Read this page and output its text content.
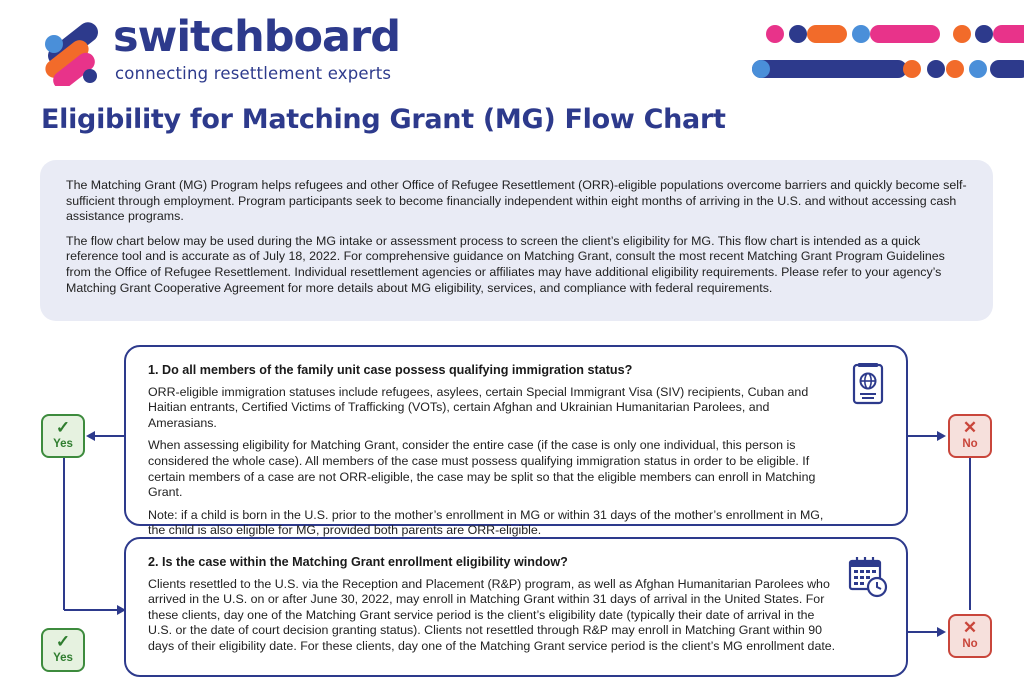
switchboard
connecting resettlement experts
Eligibility for Matching Grant (MG) Flow Chart

The Matching Grant (MG) Program helps refugees and other Office of Refugee Resettlement (ORR)-eligible populations overcome barriers and quickly become self-sufficient through employment. Program participants seek to become financially independent within eight months of arriving in the U.S. and without accessing cash assistance programs.

The flow chart below may be used during the MG intake or assessment process to screen the client’s eligibility for MG. This flow chart is intended as a quick reference tool and is accurate as of July 18, 2022. For comprehensive guidance on Matching Grant, consult the most recent Matching Grant Program Guidelines from the Office of Refugee Resettlement. Individual resettlement agencies or affiliates may have additional eligibility requirements. Please refer to your agency’s Matching Grant Cooperative Agreement for more details about MG eligibility, services, and compliance with federal requirements.

✓
Yes
✕
No
✓
Yes
✕
No
1. Do all members of the family unit case possess qualifying immigration status?

ORR-eligible immigration statuses include refugees, asylees, certain Special Immigrant Visa (SIV) recipients, Cuban and Haitian entrants, Certified Victims of Trafficking (VOTs), certain Afghan and Ukrainian Humanitarian Parolees, and Amerasians.

When assessing eligibility for Matching Grant, consider the entire case (if the case is only one individual, this person is considered the whole case). All members of the case must possess qualifying immigration status in order to be eligible. If certain members of a case are not ORR-eligible, the case may be split so that the eligible members can enroll in Matching Grant.

Note: if a child is born in the U.S. prior to the mother’s enrollment in MG or within 31 days of the mother’s enrollment in MG, the child is also eligible for MG, provided both parents are ORR-eligible.

2. Is the case within the Matching Grant enrollment eligibility window?

Clients resettled to the U.S. via the Reception and Placement (R&P) program, as well as Afghan Humanitarian Parolees who arrived in the U.S. on or after June 30, 2022, may enroll in Matching Grant within 31 days of arrival in the United States. For these clients, day one of the Matching Grant service period is the client’s eligibility date (typically their date of arrival in the U.S. or the date of court decision granting status). Clients not resettled through R&P may enroll in Matching Grant within 90 days of their eligibility date. For these clients, day one of the Matching Grant service period is the client’s MG enrollment date.
